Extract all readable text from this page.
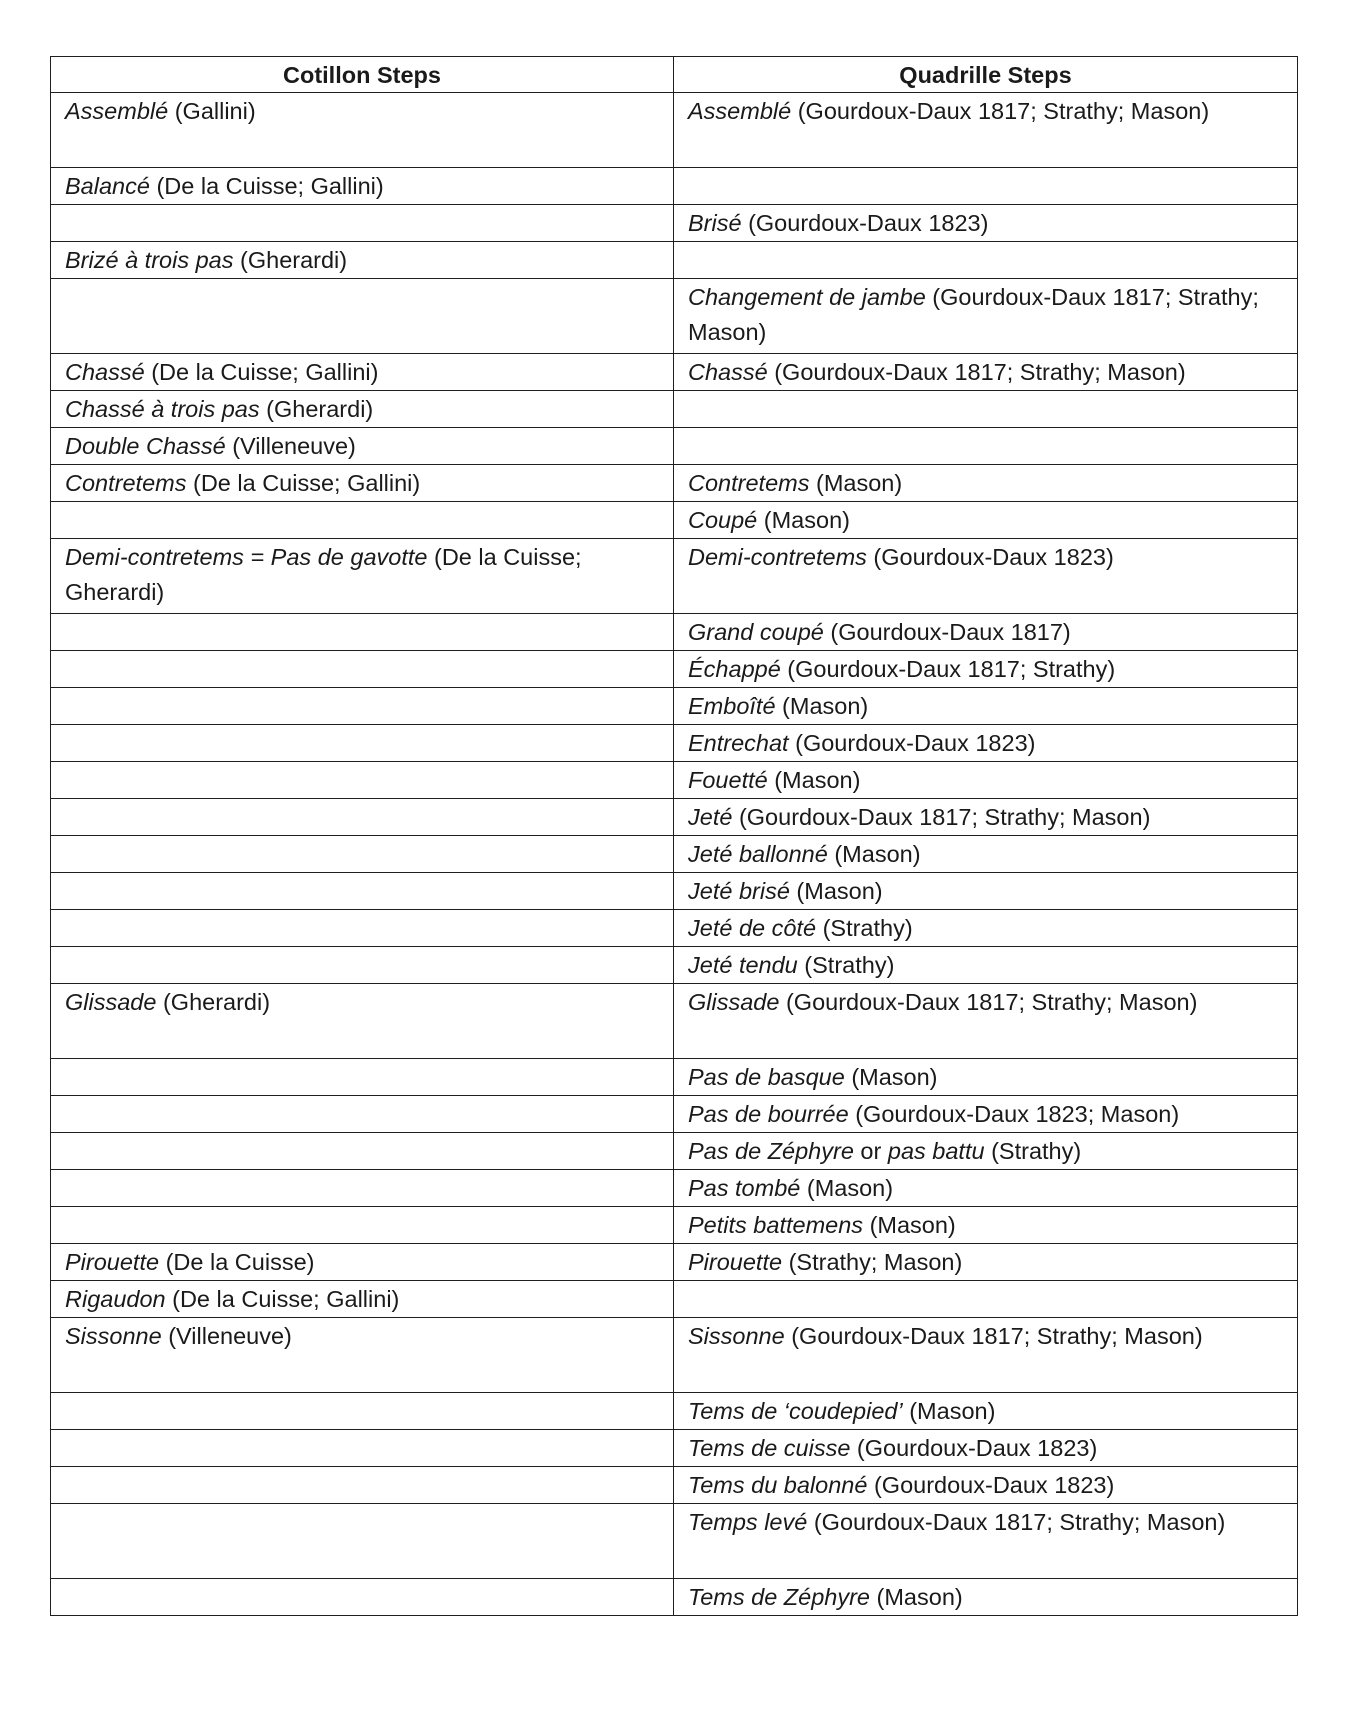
Cotillon Steps	Quadrille Steps
Assemblé (Gallini)	Assemblé (Gourdoux-Daux 1817; Strathy; Mason)
Balancé (De la Cuisse; Gallini)	
	Brisé (Gourdoux-Daux 1823)
Brizé à trois pas (Gherardi)	
	Changement de jambe (Gourdoux-Daux 1817; Strathy; Mason)
Chassé (De la Cuisse; Gallini)	Chassé (Gourdoux-Daux 1817; Strathy; Mason)
Chassé à trois pas (Gherardi)	
Double Chassé (Villeneuve)	
Contretems (De la Cuisse; Gallini)	Contretems (Mason)
	Coupé (Mason)
Demi-contretems = Pas de gavotte (De la Cuisse; Gherardi)	Demi-contretems (Gourdoux-Daux 1823)
	Grand coupé (Gourdoux-Daux 1817)
	Échappé (Gourdoux-Daux 1817; Strathy)
	Emboîté (Mason)
	Entrechat (Gourdoux-Daux 1823)
	Fouetté (Mason)
	Jeté (Gourdoux-Daux 1817; Strathy; Mason)
	Jeté ballonné (Mason)
	Jeté brisé (Mason)
	Jeté de côté (Strathy)
	Jeté tendu (Strathy)
Glissade (Gherardi)	Glissade (Gourdoux-Daux 1817; Strathy; Mason)
	Pas de basque (Mason)
	Pas de bourrée (Gourdoux-Daux 1823; Mason)
	Pas de Zéphyre or pas battu (Strathy)
	Pas tombé (Mason)
	Petits battemens (Mason)
Pirouette (De la Cuisse)	Pirouette (Strathy; Mason)
Rigaudon (De la Cuisse; Gallini)	
Sissonne (Villeneuve)	Sissonne (Gourdoux-Daux 1817; Strathy; Mason)
	Tems de ‘coudepied’ (Mason)
	Tems de cuisse (Gourdoux-Daux 1823)
	Tems du balonné (Gourdoux-Daux 1823)
	Temps levé (Gourdoux-Daux 1817; Strathy; Mason)
	Tems de Zéphyre (Mason)
